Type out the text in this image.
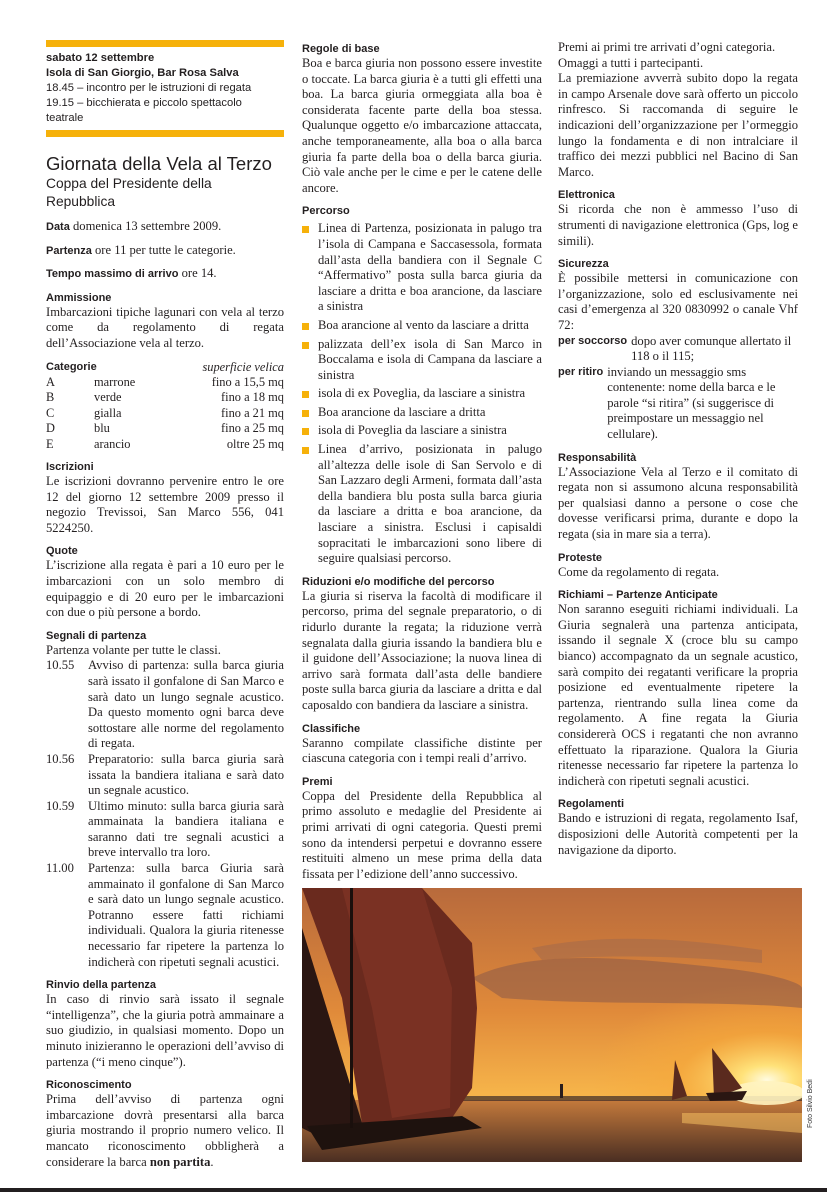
sabato 12 settembre
Isola di San Giorgio, Bar Rosa Salva
18.45 – incontro per le istruzioni di regata
19.15 – bicchierata e piccolo spettacolo
teatrale
Giornata della Vela al Terzo
Coppa del Presidente della Repubblica
Data domenica 13 settembre 2009.
Partenza ore 11 per tutte le categorie.
Tempo massimo di arrivo ore 14.
Ammissione

Imbarcazioni tipiche lagunari con vela al terzo come da regolamento di regata dell’Associazione vela al terzo.

Categorie		superficie velica
A	marrone	fino a 15,5 mq
B	verde	fino a 18 mq
C	gialla	fino a 21 mq
D	blu	fino a 25 mq
E	arancio	oltre 25 mq
Iscrizioni

Le iscrizioni dovranno pervenire entro le ore 12 del giorno 12 settembre 2009 presso il negozio Trevissoi, San Marco 556, 041 5224250.

Quote

L’iscrizione alla regata è pari a 10 euro per le imbarcazioni con un solo membro di equipaggio e di 20 euro per le imbarcazioni con due o più persone a bordo.

Segnali di partenza

Partenza volante per tutte le classi.

10.55	Avviso di partenza: sulla barca giuria sarà issato il gonfalone di San Marco e sarà dato un lungo segnale acustico. Da questo momento ogni barca deve sottostare alle norme del regolamento di regata.
10.56	Preparatorio: sulla barca giuria sarà issata la bandiera italiana e sarà dato un segnale acustico.
10.59	Ultimo minuto: sulla barca giuria sarà ammainata la bandiera italiana e saranno dati tre segnali acustici a breve intervallo tra loro.
11.00	Partenza: sulla barca Giuria sarà ammainato il gonfalone di San Marco e sarà dato un lungo segnale acustico. Potranno essere fatti richiami individuali. Qualora la giuria ritenesse necessario far ripetere la partenza lo indicherà con ripetuti segnali acustici.
Rinvio della partenza

In caso di rinvio sarà issato il segnale “intelligenza”, che la giuria potrà ammainare a suo giudizio, in qualsiasi momento. Dopo un minuto inizieranno le operazioni dell’avviso di partenza (“i meno cinque”).

Riconoscimento

Prima dell’avviso di partenza ogni imbarcazione dovrà presentarsi alla barca giuria mostrando il proprio numero velico. Il mancato riconoscimento obbligherà a considerare la barca non partita.

Regole di base

Boa e barca giuria non possono essere investite o toccate. La barca giuria è a tutti gli effetti una boa. La barca giuria ormeggiata alla boa è considerata facente parte della boa stessa. Qualunque oggetto e/o imbarcazione attaccata, anche temporaneamente, alla boa o alla barca giuria fa parte della boa o della barca giuria. Ciò vale anche per le cime e per le catene delle ancore.

Percorso
Linea di Partenza, posizionata in palugo tra l’isola di Campana e Saccasessola, formata dall’asta della bandiera con il Segnale C “Affermativo” posta sulla barca giuria da lasciare a dritta e boa arancione, da lasciare a sinistra
Boa arancione al vento da lasciare a dritta
palizzata dell’ex isola di San Marco in Boccalama e isola di Campana da lasciare a sinistra
isola di ex Poveglia, da lasciare a sinistra
Boa arancione da lasciare a dritta
isola di Poveglia da lasciare a sinistra
Linea d’arrivo, posizionata in palugo all’altezza delle isole di San Servolo e di San Lazzaro degli Armeni, formata dall’asta della bandiera blu posta sulla barca giuria da lasciare a dritta e boa arancione, da lasciare a sinistra. Esclusi i capisaldi sopracitati le imbarcazioni sono libere di seguire qualsiasi percorso.
Riduzioni e/o modifiche del percorso

La giuria si riserva la facoltà di modificare il percorso, prima del segnale preparatorio, o di ridurlo durante la regata; la riduzione verrà segnalata dalla giuria issando la bandiera blu e il guidone dell’Associazione; la nuova linea di arrivo sarà formata dall’asta delle bandiere poste sulla barca giuria da lasciare a dritta e dal caposaldo con bandiera da lasciare a sinistra.

Classifiche

Saranno compilate classifiche distinte per ciascuna categoria con i tempi reali d’arrivo.

Premi

Coppa del Presidente della Repubblica al primo assoluto e medaglie del Presidente ai primi arrivati di ogni categoria. Questi premi sono da intendersi perpetui e dovranno essere restituiti almeno un mese prima della data fissata per l’edizione dell’anno successivo.

Premi ai primi tre arrivati d’ogni categoria.

Omaggi a tutti i partecipanti.

La premiazione avverrà subito dopo la regata in campo Arsenale dove sarà offerto un piccolo rinfresco. Si raccomanda di seguire le indicazioni dell’organizzazione per l’ormeggio lungo la fondamenta e di non intralciare il traffico dei mezzi pubblici nel Bacino di San Marco.

Elettronica

Si ricorda che non è ammesso l’uso di strumenti di navigazione elettronica (Gps, log e simili).

Sicurezza

È possibile mettersi in comunicazione con l’organizzazione, solo ed esclusivamente nei casi d’emergenza al 320 0830992 o canale Vhf 72:

per soccorso dopo aver comunque allertato il 118 o il 115;
per ritiro inviando un messaggio sms contenente: nome della barca e le parole “si ritira” (si suggerisce di preimpostare un messaggio nel cellulare).
Responsabilità

L’Associazione Vela al Terzo e il comitato di regata non si assumono alcuna responsabilità per qualsiasi danno a persone o cose che dovesse verificarsi prima, durante e dopo la regata (sia in mare sia a terra).

Proteste

Come da regolamento di regata.

Richiami – Partenze Anticipate

Non saranno eseguiti richiami individuali. La Giuria segnalerà una partenza anticipata, issando il segnale X (croce blu su campo bianco) accompagnato da un segnale acustico, sarà compito dei regatanti verificare la propria posizione ed eventualmente ripetere la partenza, rientrando sulla linea come da regolamento. A fine regata la Giuria considererà OCS i regatanti che non avranno effettuato la riparazione. Qualora la Giuria ritenesse necessario far ripetere la partenza lo indicherà con ripetuti segnali acustici.

Regolamenti

Bando e istruzioni di regata, regolamento Isaf, disposizioni delle Autorità competenti per la navigazione da diporto.

Foto Silvio Bedi
